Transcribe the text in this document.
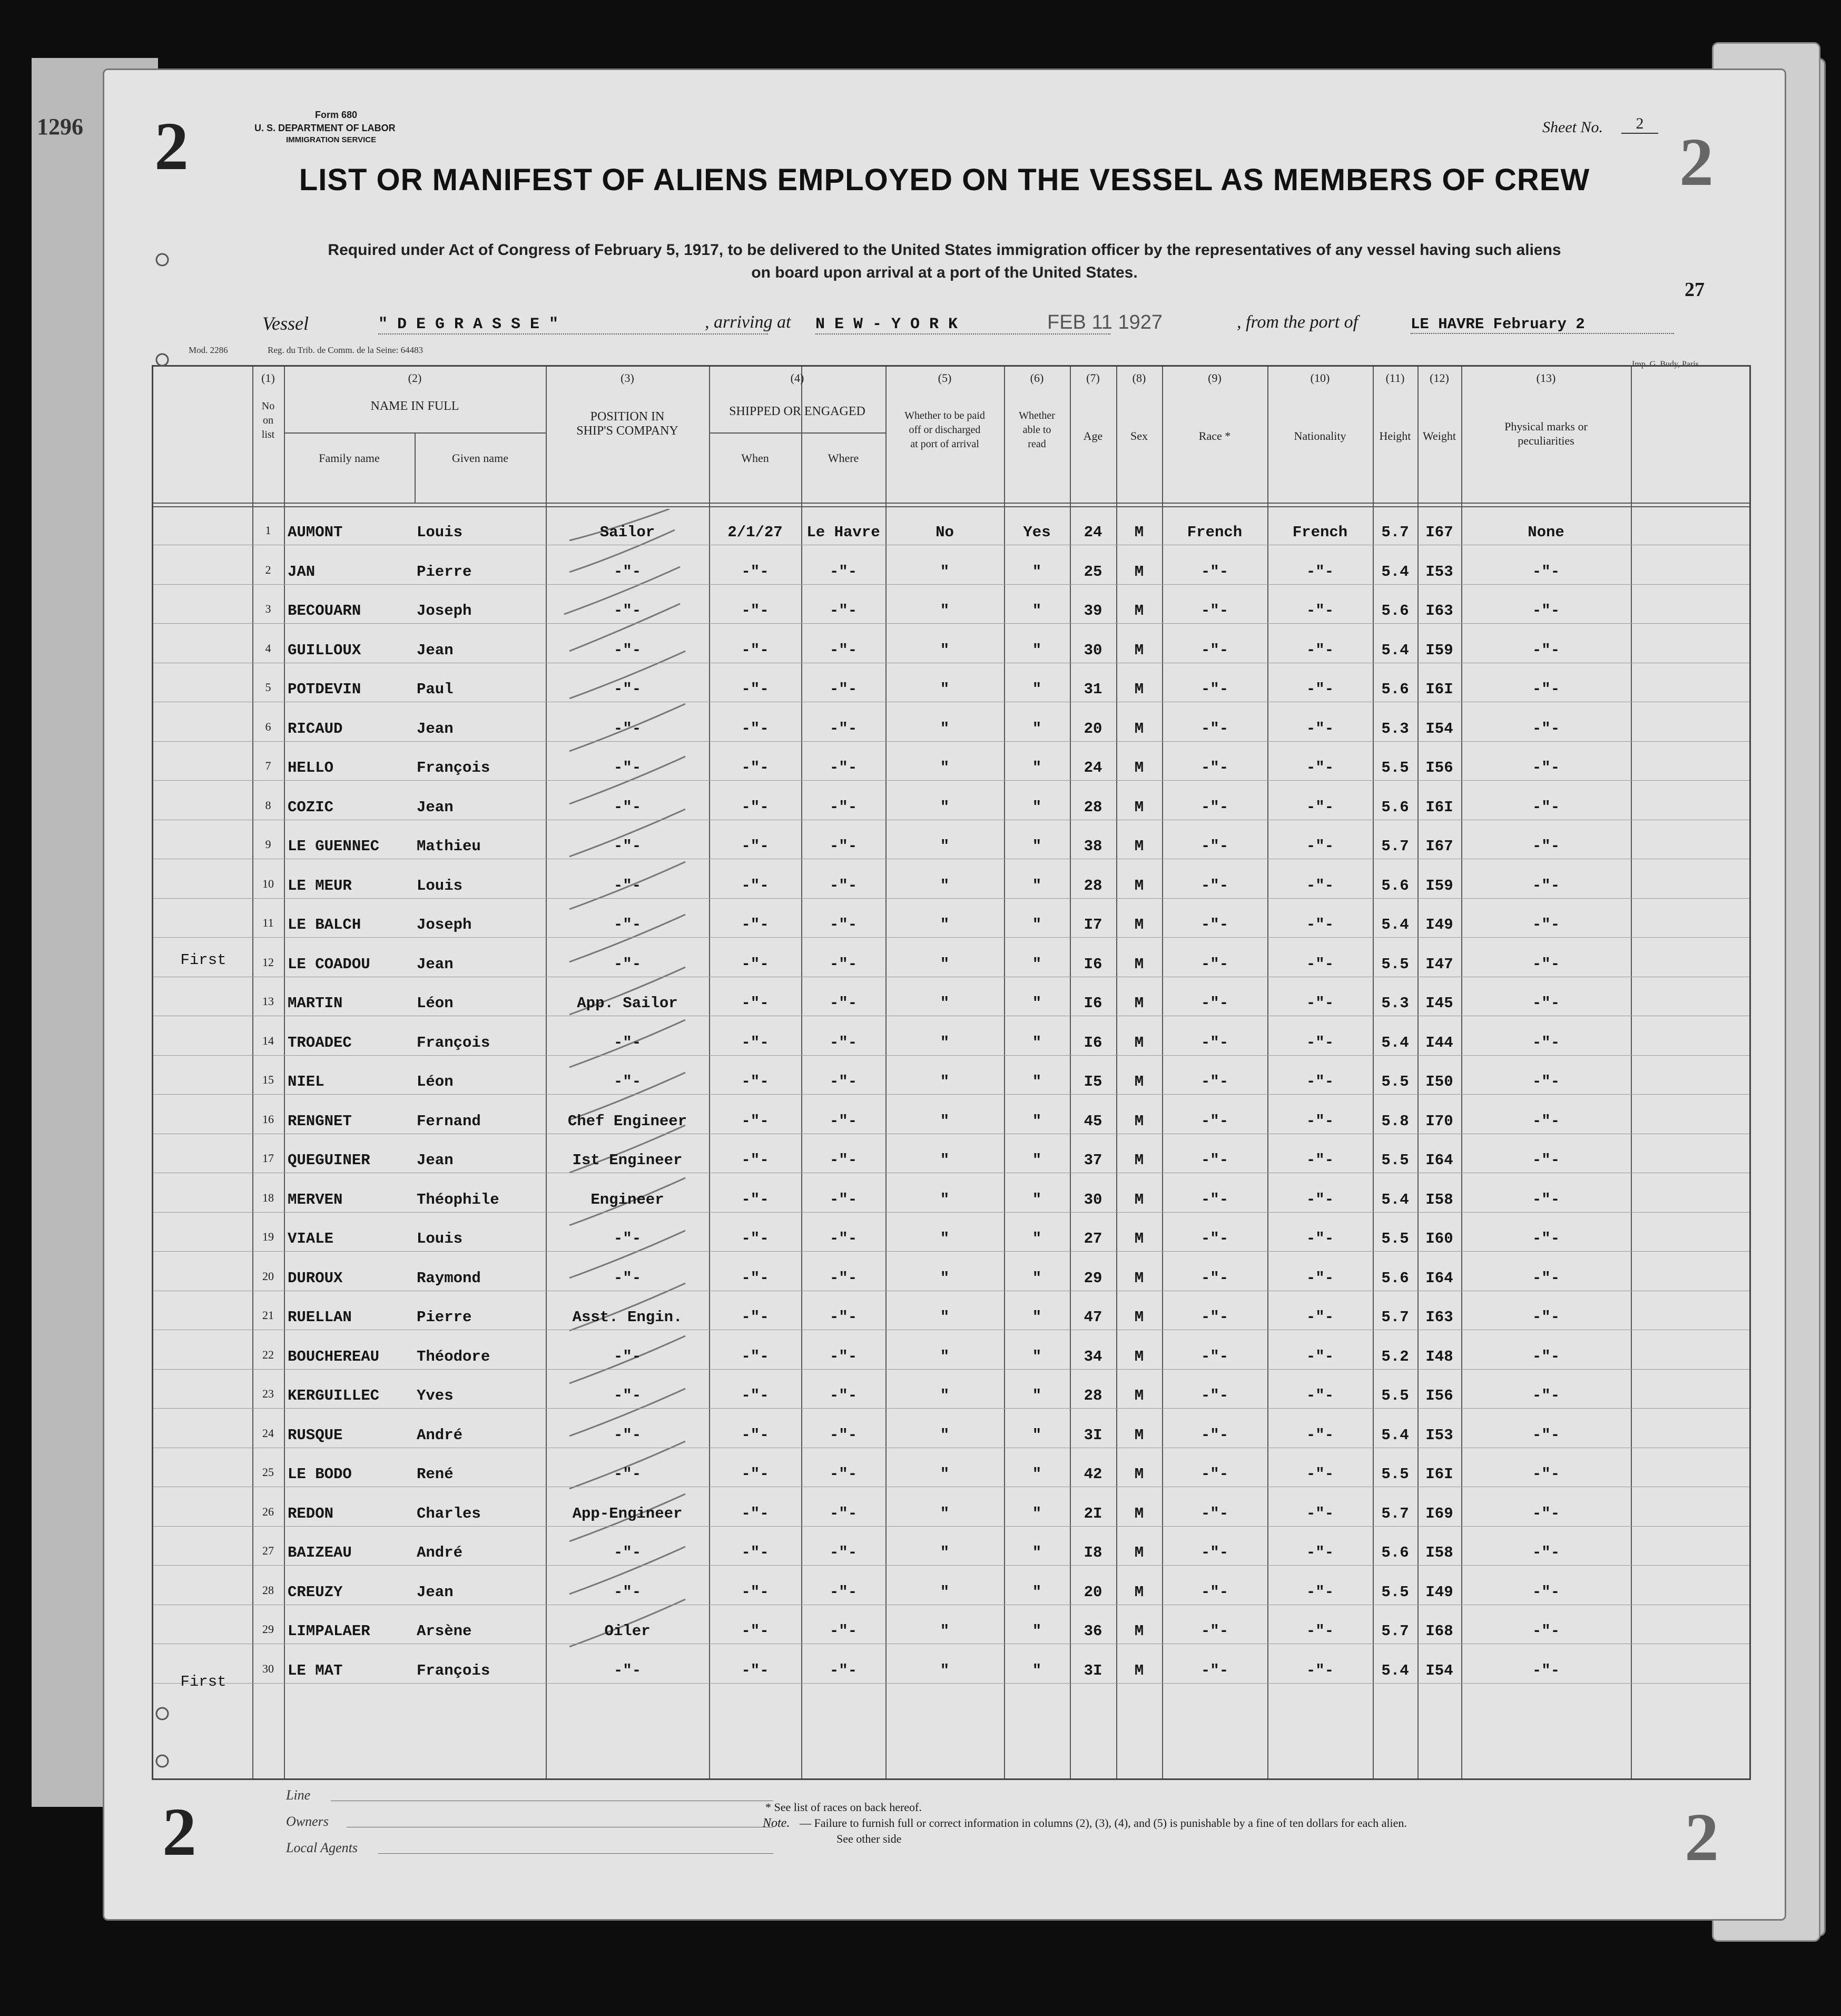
1296	Form 680
U. S. DEPARTMENT OF LABOR
IMMIGRATION SERVICE
2	2
Sheet No.	2
LIST OR MANIFEST OF ALIENS EMPLOYED ON THE VESSEL AS MEMBERS OF CREW
Required under Act of Congress of February 5, 1917, to be delivered to the United States immigration officer by the representatives of any vessel having such aliens
on board upon arrival at a port of the United States.
27
Vessel	" D E G R A S S E "	, arriving at N E W - Y O R K	FEB 11 1927	, from the port of	LE HAVRE February 2
Mod. 2286	Reg. du Trib. de Comm. de la Seine: 64483
Imp. G. Budy, Paris
(1)
No
on
list
(2)
NAME IN FULL
Family name	Given name
(3)
POSITION IN
SHIP'S COMPANY
(4)
SHIPPED OR ENGAGED
When	Where
(5)
Whether to be paid
off or discharged
at port of arrival
(6)
Whether
able to
read
(7)
Age
(8)
Sex
(9)
Race *
(10)
Nationality
(11)
Height
(12)
Weight
(13)
Physical marks or
peculiarities
1	AUMONT	Louis	Sailor	2/1/27	Le Havre	No	Yes	24	M	French	French	5.7	I67	None
2	JAN	Pierre	-"-	-"-	-"-	"	"	25	M	-"-	-"-	5.4	I53	-"-
3	BECOUARN	Joseph	-"-	-"-	-"-	"	"	39	M	-"-	-"-	5.6	I63	-"-
4	GUILLOUX	Jean	-"-	-"-	-"-	"	"	30	M	-"-	-"-	5.4	I59	-"-
5	POTDEVIN	Paul	-"-	-"-	-"-	"	"	31	M	-"-	-"-	5.6	I6I	-"-
6	RICAUD	Jean	-"-	-"-	-"-	"	"	20	M	-"-	-"-	5.3	I54	-"-
7	HELLO	François	-"-	-"-	-"-	"	"	24	M	-"-	-"-	5.5	I56	-"-
8	COZIC	Jean	-"-	-"-	-"-	"	"	28	M	-"-	-"-	5.6	I6I	-"-
9	LE GUENNEC	Mathieu	-"-	-"-	-"-	"	"	38	M	-"-	-"-	5.7	I67	-"-
10 LE MEUR	Louis	-"-	-"-	-"-	"	"	28	M	-"-	-"-	5.6	I59	-"-
11 LE BALCH	Joseph	-"-	-"-	-"-	"	"	I7	M	-"-	-"-	5.4	I49	-"-
12 LE COADOU	Jean	-"-	-"-	-"-	"	"	I6	M	-"-	-"-	5.5	I47	-"-
13 MARTIN	Léon	App. Sailor	-"-	-"-	"	"	I6	M	-"-	-"-	5.3	I45	-"-
14 TROADEC	François	-"-	-"-	-"-	"	"	I6	M	-"-	-"-	5.4	I44	-"-
15 NIEL	Léon	-"-	-"-	-"-	"	"	I5	M	-"-	-"-	5.5	I50	-"-
16 RENGNET	Fernand	Chef Engineer	-"-	-"-	"	"	45	M	-"-	-"-	5.8	I70	-"-
17 QUEGUINER	Jean	Ist Engineer	-"-	-"-	"	"	37	M	-"-	-"-	5.5	I64	-"-
18 MERVEN	Théophile	Engineer	-"-	-"-	"	"	30	M	-"-	-"-	5.4	I58	-"-
19 VIALE	Louis	-"-	-"-	-"-	"	"	27	M	-"-	-"-	5.5	I60	-"-
20 DUROUX	Raymond	-"-	-"-	-"-	"	"	29	M	-"-	-"-	5.6	I64	-"-
21 RUELLAN	Pierre	Asst. Engin.	-"-	-"-	"	"	47	M	-"-	-"-	5.7	I63	-"-
22 BOUCHEREAU	Théodore	-"-	-"-	-"-	"	"	34	M	-"-	-"-	5.2	I48	-"-
23 KERGUILLEC	Yves	-"-	-"-	-"-	"	"	28	M	-"-	-"-	5.5	I56	-"-
24 RUSQUE	André	-"-	-"-	-"-	"	"	3I	M	-"-	-"-	5.4	I53	-"-
25 LE BODO	René	-"-	-"-	-"-	"	"	42	M	-"-	-"-	5.5	I6I	-"-
26 REDON	Charles	App-Engineer	-"-	-"-	"	"	2I	M	-"-	-"-	5.7	I69	-"-
27 BAIZEAU	André	-"-	-"-	-"-	"	"	I8	M	-"-	-"-	5.6	I58	-"-
28 CREUZY	Jean	-"-	-"-	-"-	"	"	20	M	-"-	-"-	5.5	I49	-"-
29 LIMPALAER	Arsène	Oiler	-"-	-"-	"	"	36	M	-"-	-"-	5.7	I68	-"-
30 LE MAT	François	-"-	-"-	-"-	"	"	3I	M	-"-	-"-	5.4	I54	-"-
First
First
Line
Owners
Local Agents
* See list of races on back hereof.
Note. — Failure to furnish full or correct information in columns (2), (3), (4), and (5) is punishable by a fine of ten dollars for each alien.
See other side
2	2
